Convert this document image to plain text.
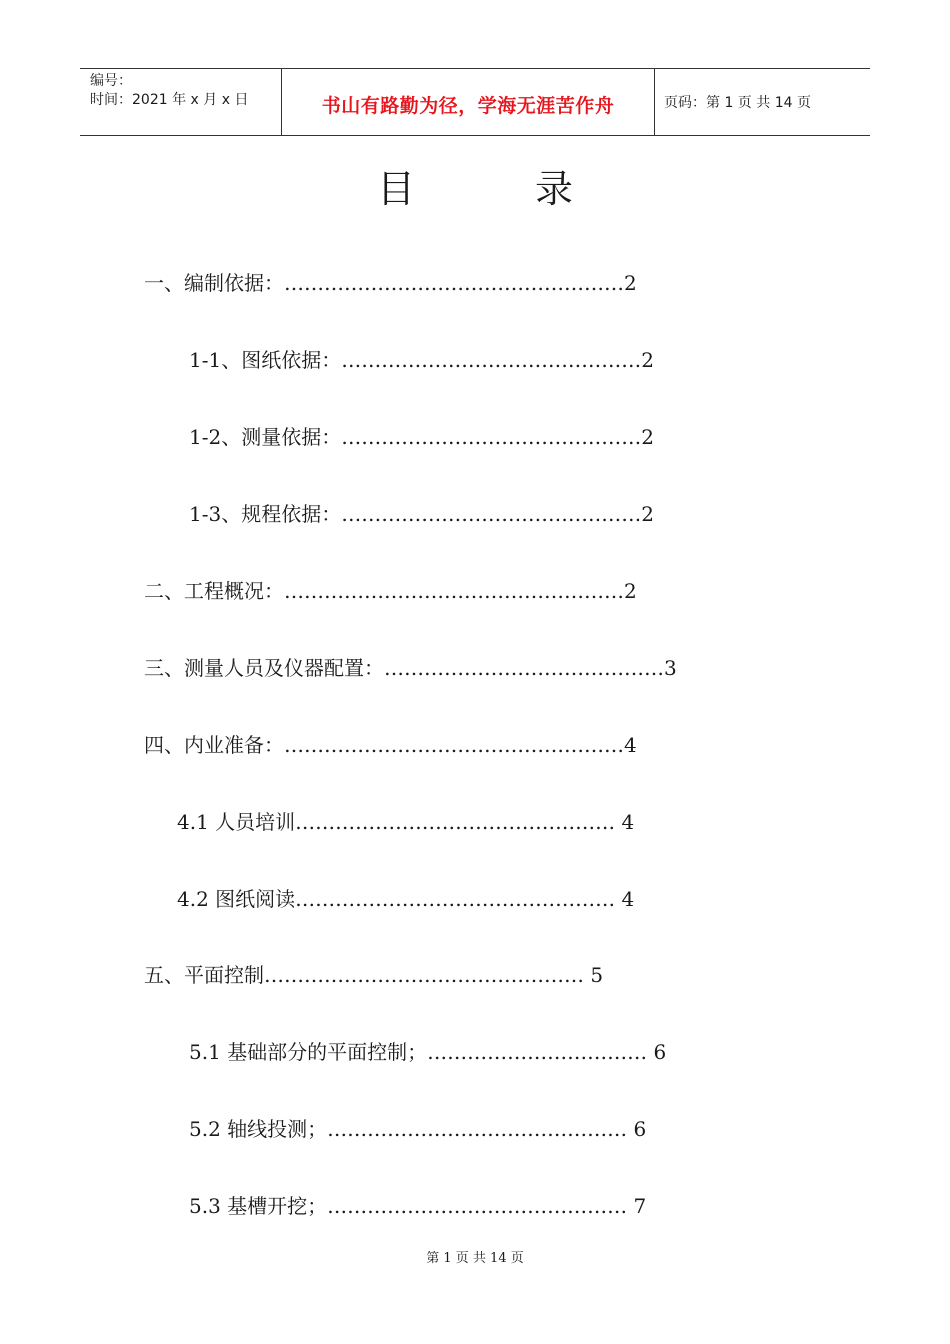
编号：
时间：2021 年 x 月 x 日	书山有路勤为径，学海无涯苦作舟	页码：第 1 页 共 14 页
目	录
一、编制依据：……………………………………………2
1-1、图纸依据：………………………………………2
1-2、测量依据：………………………………………2
1-3、规程依据：………………………………………2
二、工程概况：……………………………………………2
三、测量人员及仪器配置：……………………………………3
四、内业准备：……………………………………………4
4.1 人员培训………………………………………… 4
4.2 图纸阅读………………………………………… 4
五、平面控制………………………………………… 5
5.1 基础部分的平面控制；…………………………… 6
5.2 轴线投测；……………………………………… 6
5.3 基槽开挖；……………………………………… 7
第 1 页 共 14 页
